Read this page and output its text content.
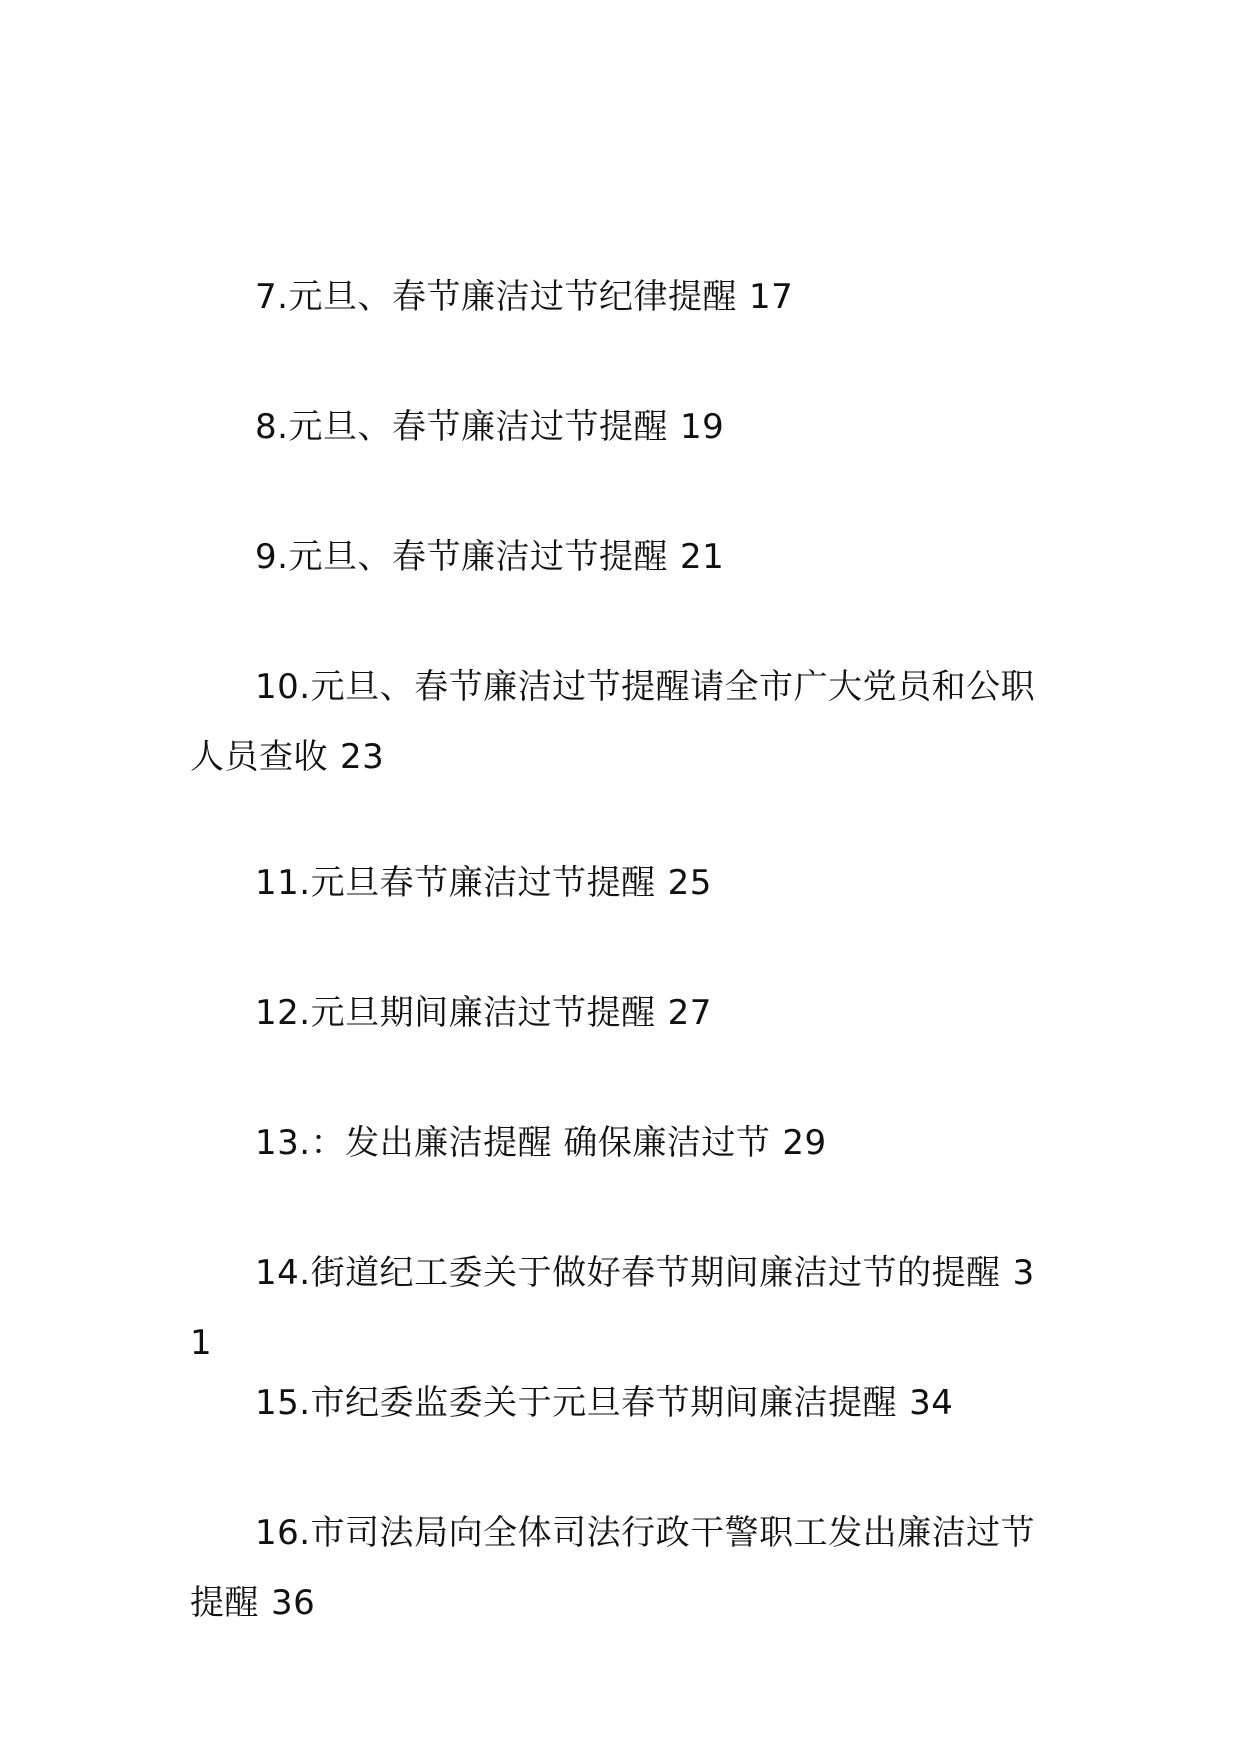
7.元旦、春节廉洁过节纪律提醒 17

8.元旦、春节廉洁过节提醒 19

9.元旦、春节廉洁过节提醒 21

10.元旦、春节廉洁过节提醒请全市广大党员和公职人员查收 23

11.元旦春节廉洁过节提醒 25

12.元旦期间廉洁过节提醒 27

13.：发出廉洁提醒 确保廉洁过节 29

14.街道纪工委关于做好春节期间廉洁过节的提醒 31

15.市纪委监委关于元旦春节期间廉洁提醒 34

16.市司法局向全体司法行政干警职工发出廉洁过节提醒 36
